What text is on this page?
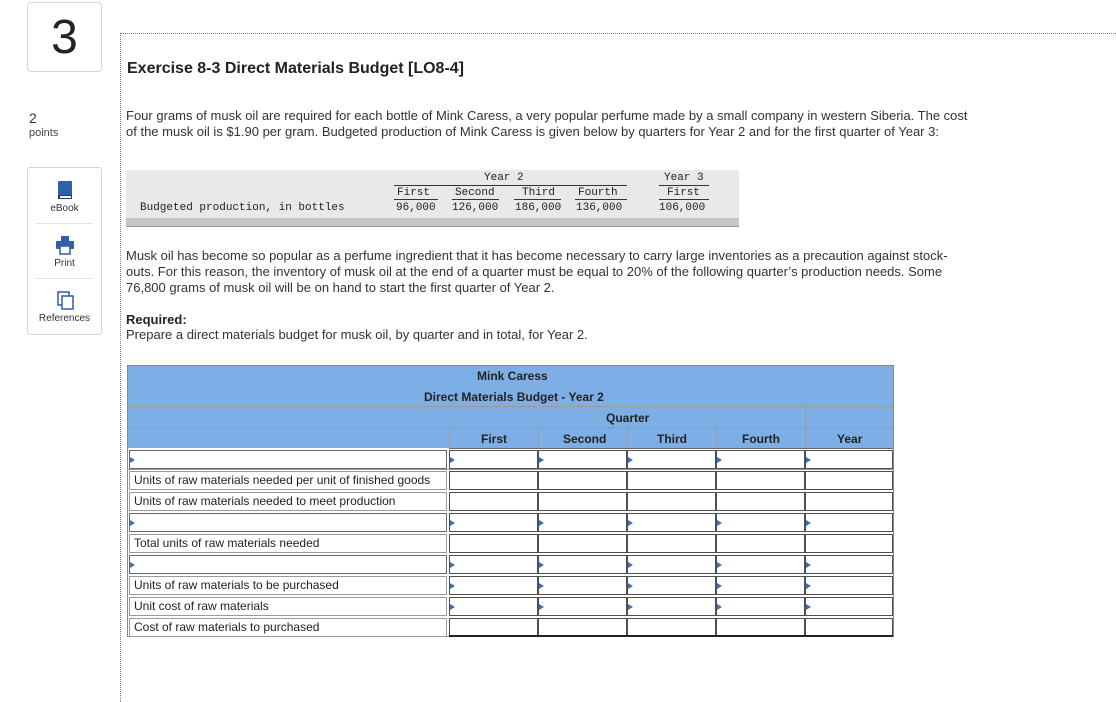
3
2
points
eBook
Print
References
Exercise 8-3 Direct Materials Budget [LO8-4]
Four grams of musk oil are required for each bottle of Mink Caress, a very popular perfume made by a small company in western Siberia. The cost of the musk oil is $1.90 per gram. Budgeted production of Mink Caress is given below by quarters for Year 2 and for the first quarter of Year 3:
Year 2	Year 3
First Second Third Fourth	First
Budgeted production, in bottles	96,000 126,000 186,000 136,000	106,000
Musk oil has become so popular as a perfume ingredient that it has become necessary to carry large inventories as a precaution against stock-outs. For this reason, the inventory of musk oil at the end of a quarter must be equal to 20% of the following quarter’s production needs. Some 76,800 grams of musk oil will be on hand to start the first quarter of Year 2.
Required:
Prepare a direct materials budget for musk oil, by quarter and in total, for Year 2.
Mink Caress
Direct Materials Budget - Year 2
Quarter
First	Second	Third	Fourth	Year
Units of raw materials needed per unit of finished goods
Units of raw materials needed to meet production
Total units of raw materials needed
Units of raw materials to be purchased
Unit cost of raw materials
Cost of raw materials to purchased
